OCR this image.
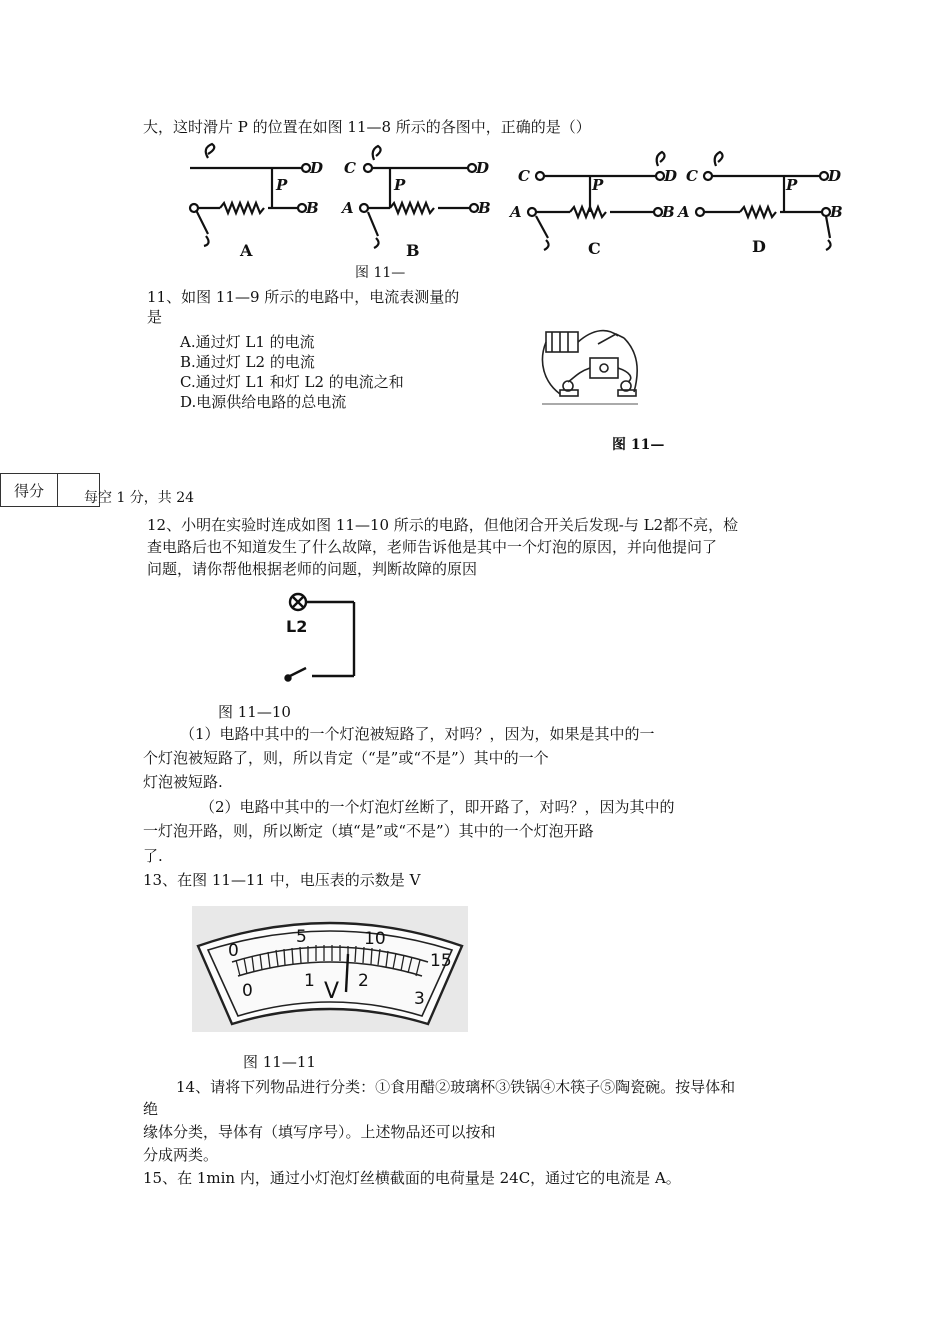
大，这时滑片 P 的位置在如图 11—8 所示的各图中，正确的是（）
D
B
P
C
A
D
B
P	C
A
D
B
P	C
A
D
B
P
A	B	C	D
图 11—
11、如图 11—9 所示的电路中，电流表测量的
是
A.通过灯 L1 的电流
B.通过灯 L2 的电流
C.通过灯 L1 和灯 L2 的电流之和
D.电源供给电路的总电流
图 11—
得分	每空 1 分，共 24
12、小明在实验时连成如图 11—10 所示的电路，但他闭合开关后发现-与 L2都不亮，检
查电路后也不知道发生了什么故障，老师告诉他是其中一个灯泡的原因，并向他提问了
问题，请你帮他根据老师的问题，判断故障的原因
L2
图 11—10
（1）电路中其中的一个灯泡被短路了，对吗？，因为，如果是其中的一
个灯泡被短路了，则，所以肯定（“是”或“不是”）其中的一个
灯泡被短路.
（2）电路中其中的一个灯泡灯丝断了，即开路了，对吗？，因为其中的
一灯泡开路，则，所以断定（填“是”或“不是”）其中的一个灯泡开路
了.
13、在图 11—11 中，电压表的示数是 V
0
5	10
15
0	1	2
3
V
图 11—11
14、请将下列物品进行分类：①食用醋②玻璃杯③铁锅④木筷子⑤陶瓷碗。按导体和
绝
缘体分类，导体有（填写序号）。上述物品还可以按和
分成两类。
15、在 1min 内，通过小灯泡灯丝横截面的电荷量是 24C，通过它的电流是 A。
